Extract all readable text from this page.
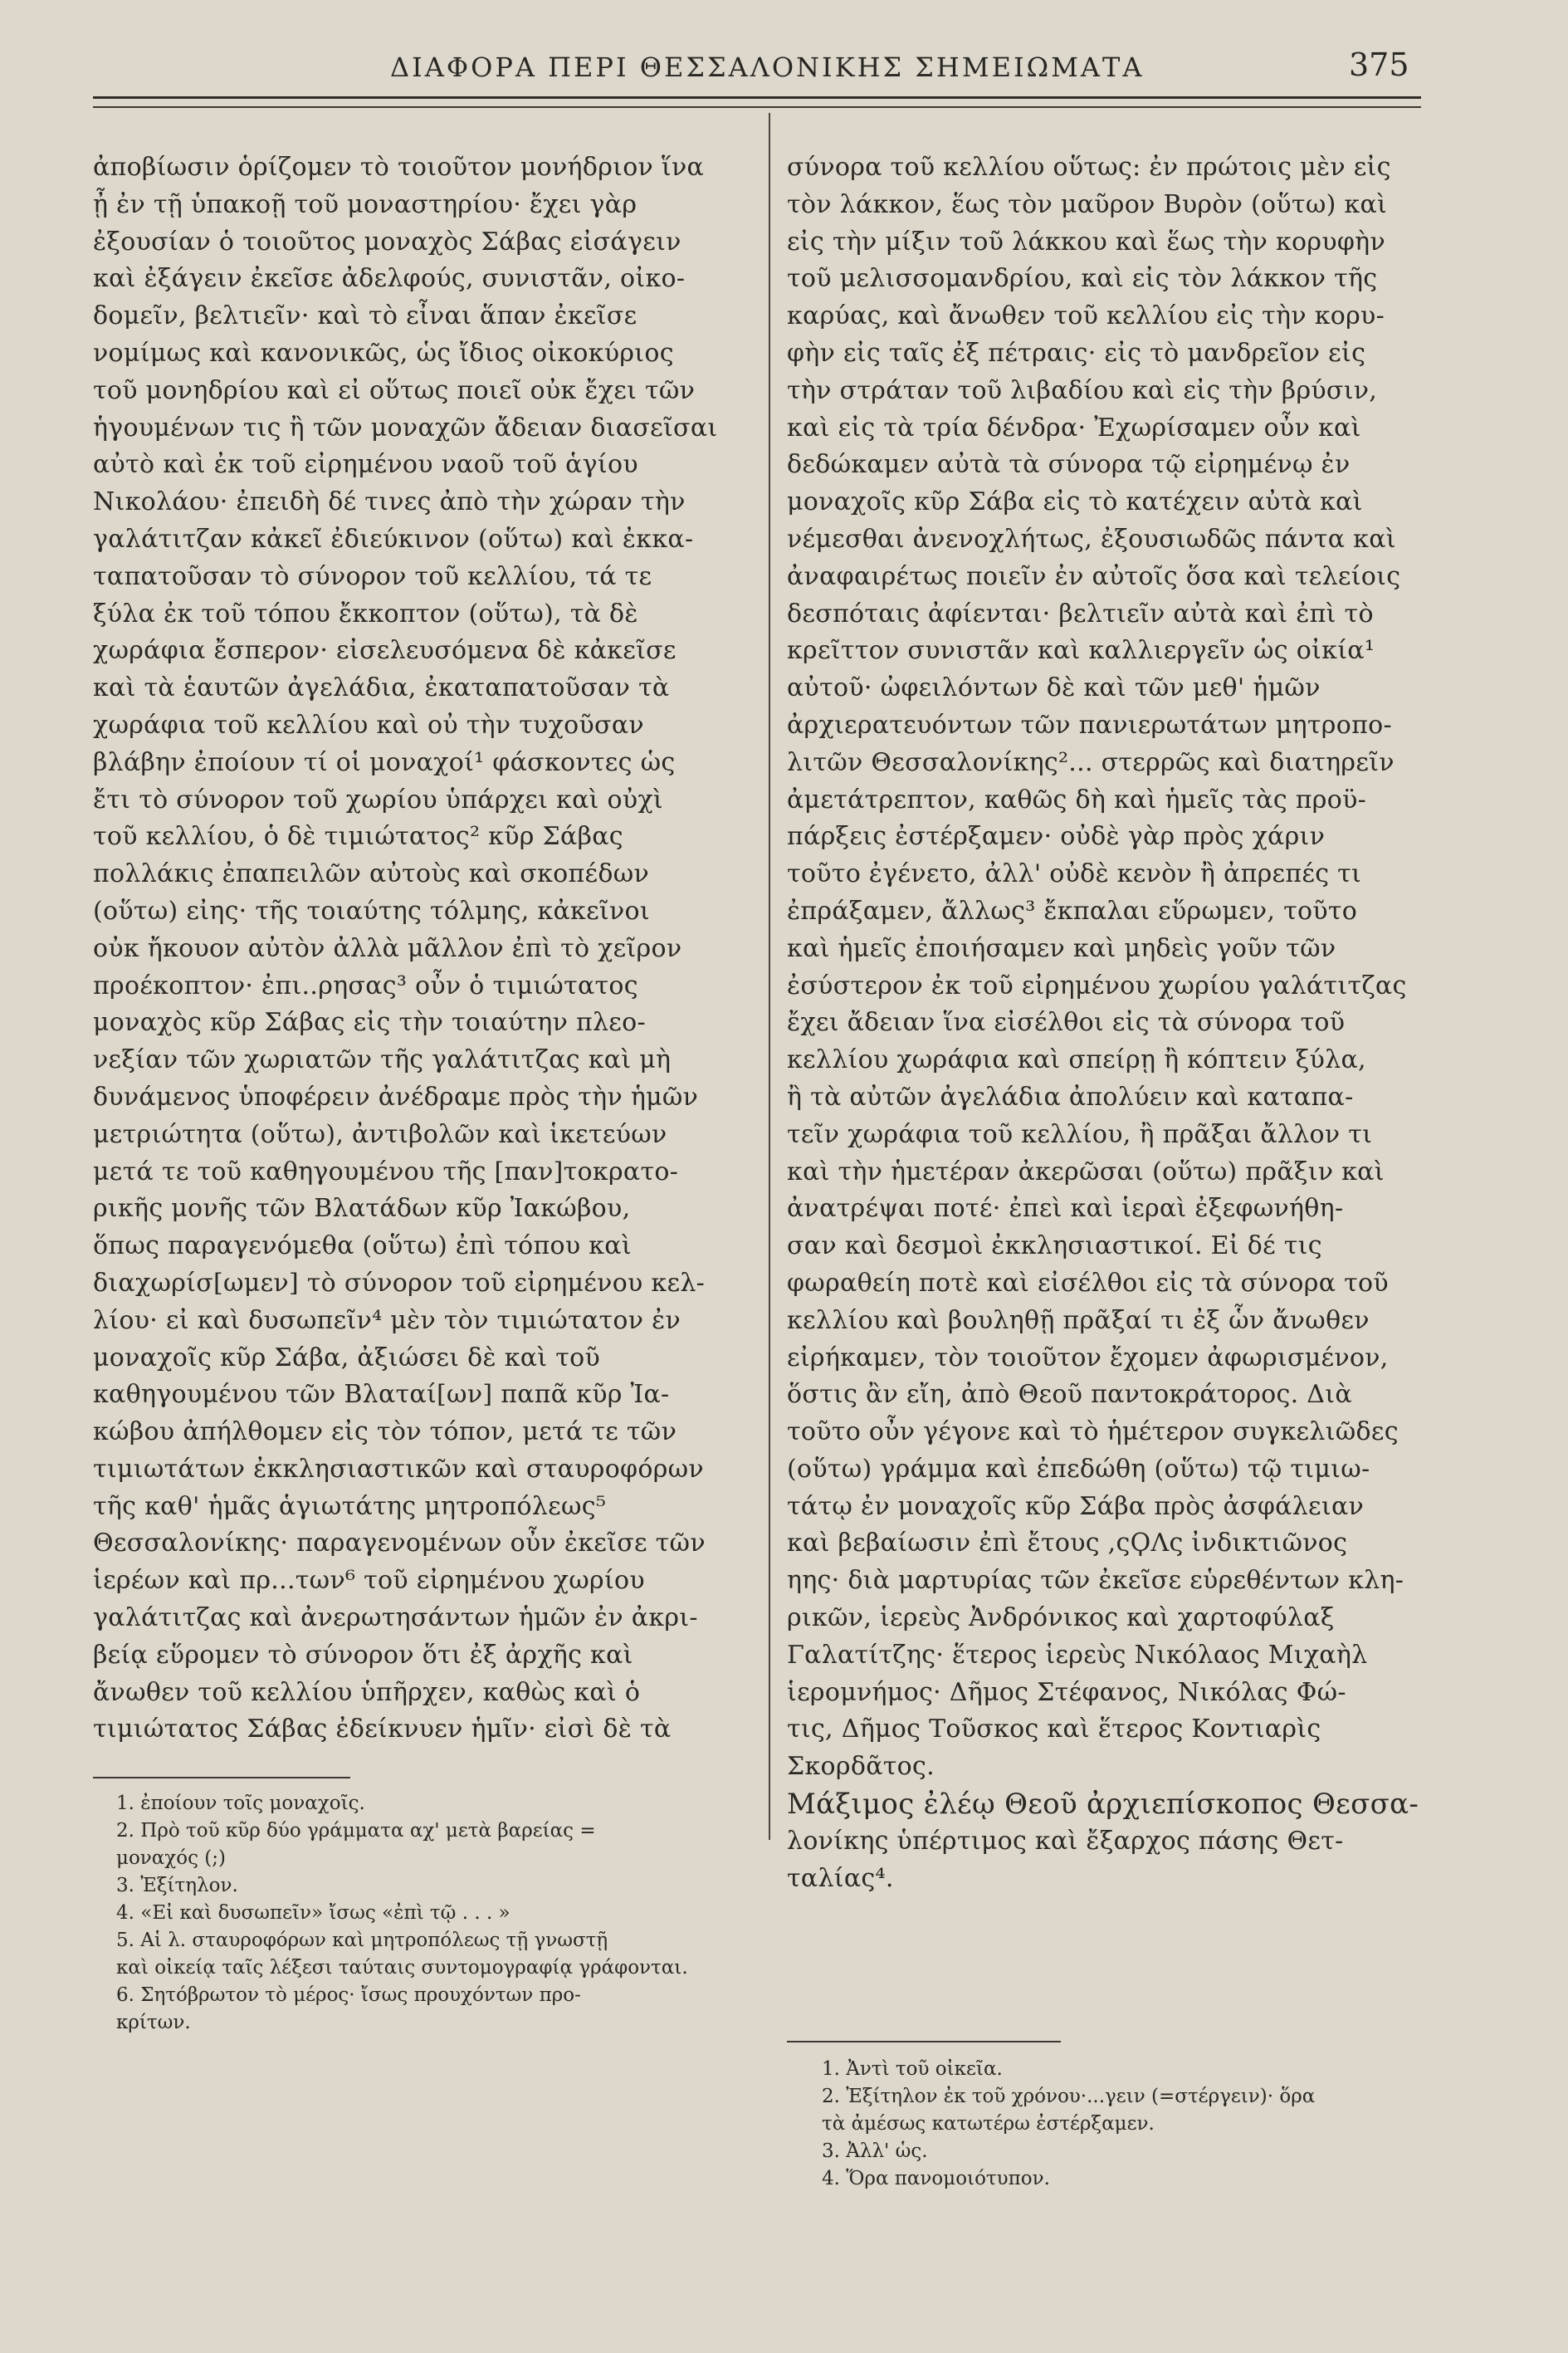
ΔΙΑΦΟΡΑ ΠΕΡΙ ΘΕΣΣΑΛΟΝΙΚΗΣ ΣΗΜΕΙΩΜΑΤΑ	375
ἀποβίωσιν ὁρίζομεν τὸ τοιοῦτον μονήδριον ἵνα
ᾖ ἐν τῇ ὑπακοῇ τοῦ μοναστηρίου· ἔχει γὰρ
ἐξουσίαν ὁ τοιοῦτος μοναχὸς Σάβας εἰσάγειν
καὶ ἐξάγειν ἐκεῖσε ἀδελφούς, συνιστᾶν, οἰκο-
δομεῖν, βελτιεῖν· καὶ τὸ εἶναι ἅπαν ἐκεῖσε
νομίμως καὶ κανονικῶς, ὡς ἴδιος οἰκοκύριος
τοῦ μονηδρίου καὶ εἰ οὕτως ποιεῖ οὐκ ἔχει τῶν
ἡγουμένων τις ἢ τῶν μοναχῶν ἄδειαν διασεῖσαι
αὐτὸ καὶ ἐκ τοῦ εἰρημένου ναοῦ τοῦ ἁγίου
Νικολάου· ἐπειδὴ δέ τινες ἀπὸ τὴν χώραν τὴν
γαλάτιτζαν κἀκεῖ ἐδιεύκινον (οὕτω) καὶ ἐκκα-
ταπατοῦσαν τὸ σύνορον τοῦ κελλίου, τά τε
ξύλα ἐκ τοῦ τόπου ἔκκοπτον (οὕτω), τὰ δὲ
χωράφια ἔσπερον· εἰσελευσόμενα δὲ κἀκεῖσε
καὶ τὰ ἑαυτῶν ἀγελάδια, ἐκαταπατοῦσαν τὰ
χωράφια τοῦ κελλίου καὶ οὐ τὴν τυχοῦσαν
βλάβην ἐποίουν τί οἱ μοναχοί¹ φάσκοντες ὡς
ἔτι τὸ σύνορον τοῦ χωρίου ὑπάρχει καὶ οὐχὶ
τοῦ κελλίου, ὁ δὲ τιμιώτατος² κῦρ Σάβας
πολλάκις ἐπαπειλῶν αὐτοὺς καὶ σκοπέδων
(οὕτω) εἰης· τῆς τοιαύτης τόλμης, κἀκεῖνοι
οὐκ ἤκουον αὐτὸν ἀλλὰ μᾶλλον ἐπὶ τὸ χεῖρον
προέκοπτον· ἐπι..ρησας³ οὖν ὁ τιμιώτατος
μοναχὸς κῦρ Σάβας εἰς τὴν τοιαύτην πλεο-
νεξίαν τῶν χωριατῶν τῆς γαλάτιτζας καὶ μὴ
δυνάμενος ὑποφέρειν ἀνέδραμε πρὸς τὴν ἡμῶν
μετριώτητα (οὕτω), ἀντιβολῶν καὶ ἱκετεύων
μετά τε τοῦ καθηγουμένου τῆς [παν]τοκρατο-
ρικῆς μονῆς τῶν Βλατάδων κῦρ Ἰακώβου,
ὅπως παραγενόμεθα (οὕτω) ἐπὶ τόπου καὶ
διαχωρίσ[ωμεν] τὸ σύνορον τοῦ εἰρημένου κελ-
λίου· εἰ καὶ δυσωπεῖν⁴ μὲν τὸν τιμιώτατον ἐν
μοναχοῖς κῦρ Σάβα, ἀξιώσει δὲ καὶ τοῦ
καθηγουμένου τῶν Βλαταί[ων] παπᾶ κῦρ Ἰα-
κώβου ἀπήλθομεν εἰς τὸν τόπον, μετά τε τῶν
τιμιωτάτων ἐκκλησιαστικῶν καὶ σταυροφόρων
τῆς καθ' ἡμᾶς ἁγιωτάτης μητροπόλεως⁵
Θεσσαλονίκης· παραγενομένων οὖν ἐκεῖσε τῶν
ἱερέων καὶ πρ...των⁶ τοῦ εἰρημένου χωρίου
γαλάτιτζας καὶ ἀνερωτησάντων ἡμῶν ἐν ἀκρι-
βείᾳ εὕρομεν τὸ σύνορον ὅτι ἐξ ἀρχῆς καὶ
ἄνωθεν τοῦ κελλίου ὑπῆρχεν, καθὼς καὶ ὁ
τιμιώτατος Σάβας ἐδείκνυεν ἡμῖν· εἰσὶ δὲ τὰ
σύνορα τοῦ κελλίου οὕτως: ἐν πρώτοις μὲν εἰς
τὸν λάκκον, ἕως τὸν μαῦρον Βυρὸν (οὕτω) καὶ
εἰς τὴν μίξιν τοῦ λάκκου καὶ ἕως τὴν κορυφὴν
τοῦ μελισσομανδρίου, καὶ εἰς τὸν λάκκον τῆς
καρύας, καὶ ἄνωθεν τοῦ κελλίου εἰς τὴν κορυ-
φὴν εἰς ταῖς ἐξ πέτραις· εἰς τὸ μανδρεῖον εἰς
τὴν στράταν τοῦ λιβαδίου καὶ εἰς τὴν βρύσιν,
καὶ εἰς τὰ τρία δένδρα· Ἐχωρίσαμεν οὖν καὶ
δεδώκαμεν αὐτὰ τὰ σύνορα τῷ εἰρημένῳ ἐν
μοναχοῖς κῦρ Σάβα εἰς τὸ κατέχειν αὐτὰ καὶ
νέμεσθαι ἀνενοχλήτως, ἐξουσιωδῶς πάντα καὶ
ἀναφαιρέτως ποιεῖν ἐν αὐτοῖς ὅσα καὶ τελείοις
δεσπόταις ἀφίενται· βελτιεῖν αὐτὰ καὶ ἐπὶ τὸ
κρεῖττον συνιστᾶν καὶ καλλιεργεῖν ὡς οἰκία¹
αὐτοῦ· ὠφειλόντων δὲ καὶ τῶν μεθ' ἡμῶν
ἀρχιερατευόντων τῶν πανιερωτάτων μητροπο-
λιτῶν Θεσσαλονίκης²... στερρῶς καὶ διατηρεῖν
ἀμετάτρεπτον, καθῶς δὴ καὶ ἡμεῖς τὰς προϋ-
πάρξεις ἐστέρξαμεν· οὐδὲ γὰρ πρὸς χάριν
τοῦτο ἐγένετο, ἀλλ' οὐδὲ κενὸν ἢ ἀπρεπές τι
ἐπράξαμεν, ἄλλως³ ἔκπαλαι εὕρωμεν, τοῦτο
καὶ ἡμεῖς ἐποιήσαμεν καὶ μηδεὶς γοῦν τῶν
ἐσύστερον ἐκ τοῦ εἰρημένου χωρίου γαλάτιτζας
ἔχει ἄδειαν ἵνα εἰσέλθοι εἰς τὰ σύνορα τοῦ
κελλίου χωράφια καὶ σπείρῃ ἢ κόπτειν ξύλα,
ἢ τὰ αὐτῶν ἀγελάδια ἀπολύειν καὶ καταπα-
τεῖν χωράφια τοῦ κελλίου, ἢ πρᾶξαι ἄλλον τι
καὶ τὴν ἡμετέραν ἀκερῶσαι (οὕτω) πρᾶξιν καὶ
ἀνατρέψαι ποτέ· ἐπεὶ καὶ ἱεραὶ ἐξεφωνήθη-
σαν καὶ δεσμοὶ ἐκκλησιαστικοί. Εἰ δέ τις
φωραθείη ποτὲ καὶ εἰσέλθοι εἰς τὰ σύνορα τοῦ
κελλίου καὶ βουληθῇ πρᾶξαί τι ἐξ ὧν ἄνωθεν
εἰρήκαμεν, τὸν τοιοῦτον ἔχομεν ἀφωρισμένον,
ὅστις ἂν εἴη, ἀπὸ Θεοῦ παντοκράτορος. Διὰ
τοῦτο οὖν γέγονε καὶ τὸ ἡμέτερον συγκελιῶδες
(οὕτω) γράμμα καὶ ἐπεδώθη (οὕτω) τῷ τιμιω-
τάτῳ ἐν μοναχοῖς κῦρ Σάβα πρὸς ἀσφάλειαν
καὶ βεβαίωσιν ἐπὶ ἔτους ,ςϘΛς ἰνδικτιῶνος
ηης· διὰ μαρτυρίας τῶν ἐκεῖσε εὑρεθέντων κλη-
ρικῶν, ἱερεὺς Ἀνδρόνικος καὶ χαρτοφύλαξ
Γαλατίτζης· ἕτερος ἱερεὺς Νικόλαος Μιχαὴλ
ἱερομνήμος· Δῆμος Στέφανος, Νικόλας Φώ-
τις, Δῆμος Τοῦσκος καὶ ἕτερος Κοντιαρὶς
Σκορδᾶτος.
Μάξιμος ἐλέῳ Θεοῦ ἀρχιεπίσκοπος Θεσσα-
λονίκης ὑπέρτιμος καὶ ἔξαρχος πάσης Θετ-
ταλίας⁴.
1. ἐποίουν τοῖς μοναχοῖς.
2. Πρὸ τοῦ κῦρ δύο γράμματα αχ' μετὰ βαρείας =
μοναχός (;)
3. Ἐξίτηλον.
4. «Εἰ καὶ δυσωπεῖν» ἴσως «ἐπὶ τῷ . . . »
5. Αἱ λ. σταυροφόρων καὶ μητροπόλεως τῇ γνωστῇ
καὶ οἰκείᾳ ταῖς λέξεσι ταύταις συντομογραφίᾳ γράφονται.
6. Σητόβρωτον τὸ μέρος· ἴσως προυχόντων προ-
κρίτων.
1. Ἀντὶ τοῦ οἰκεῖα.
2. Ἐξίτηλον ἐκ τοῦ χρόνου·...γειν (=στέργειν)· ὅρα
τὰ ἀμέσως κατωτέρω ἐστέρξαμεν.
3. Ἀλλ' ὡς.
4. Ὅρα πανομοιότυπον.
